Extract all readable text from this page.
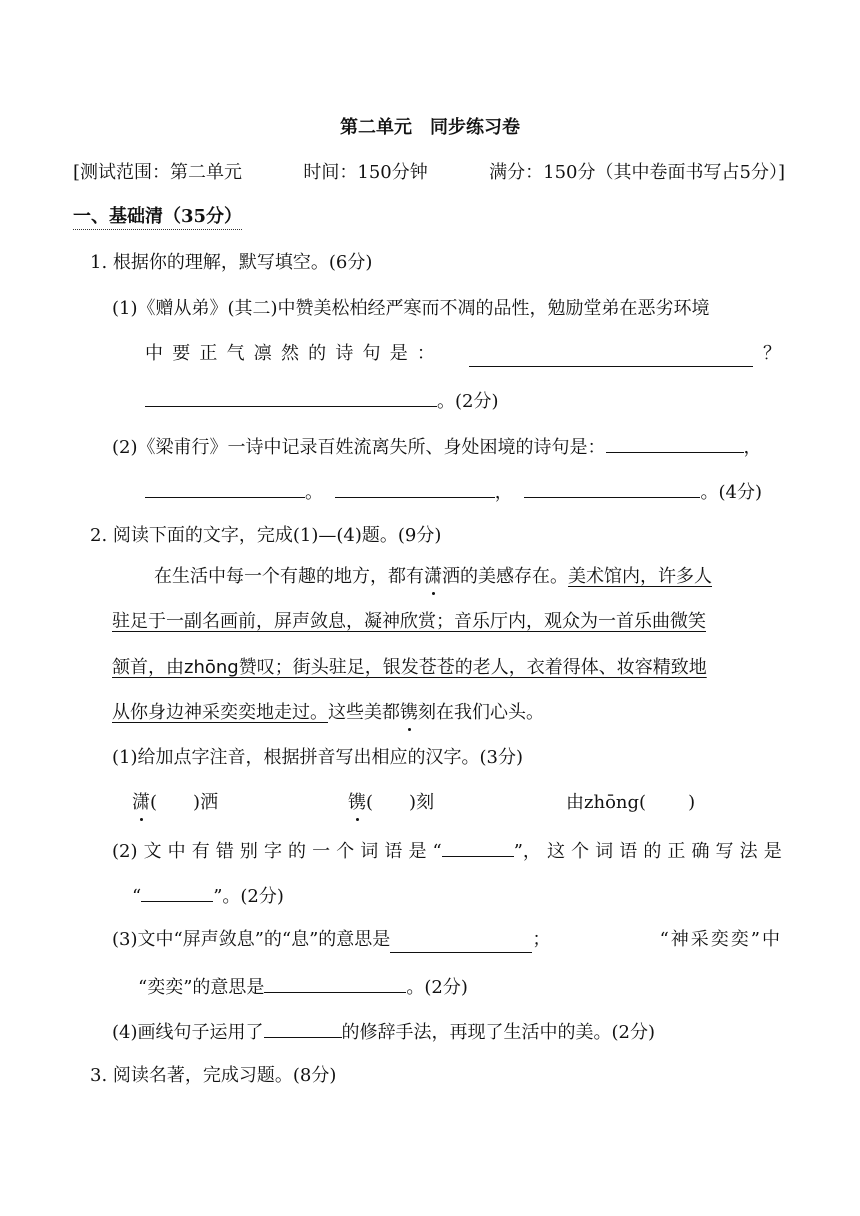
第二单元　同步练习卷
[测试范围：第二单元	时间：150分钟	满分：150分（其中卷面书写占5分）]
一、基础清（35分）
1. 根据你的理解，默写填空。(6分)
(1)《赠从弟》(其二)中赞美松柏经严寒而不凋的品性，勉励堂弟在恶劣环境
中 要 正 气 凛 然 的 诗 句 是 ：	？
。(2分)
(2)《梁甫行》一诗中记录百姓流离失所、身处困境的诗句是：	，
。	，	。(4分)
2. 阅读下面的文字，完成(1)—(4)题。(9分)
在生活中每一个有趣的地方，都有潇洒的美感存在。美术馆内，许多人
驻足于一副名画前，屏声敛息，凝神欣赏；音乐厅内，观众为一首乐曲微笑
颔首，由zhōng赞叹；街头驻足，银发苍苍的老人，衣着得体、妆容精致地
从你身边神采奕奕地走过。这些美都镌刻在我们心头。
(1)给加点字注音，根据拼音写出相应的汉字。(3分)
潇( )洒	镌( )刻	由zhōng( )
(2) 文 中 有 错 别 字 的 一 个 词 语 是 “	”， 这 个 词 语 的 正 确 写 法 是
“	”。(2分)
(3)文中“屏声敛息”的“息”的意思是	；	“神采奕奕”中
“奕奕”的意思是	。(2分)
(4)画线句子运用了	的修辞手法，再现了生活中的美。(2分)
3. 阅读名著，完成习题。(8分)
